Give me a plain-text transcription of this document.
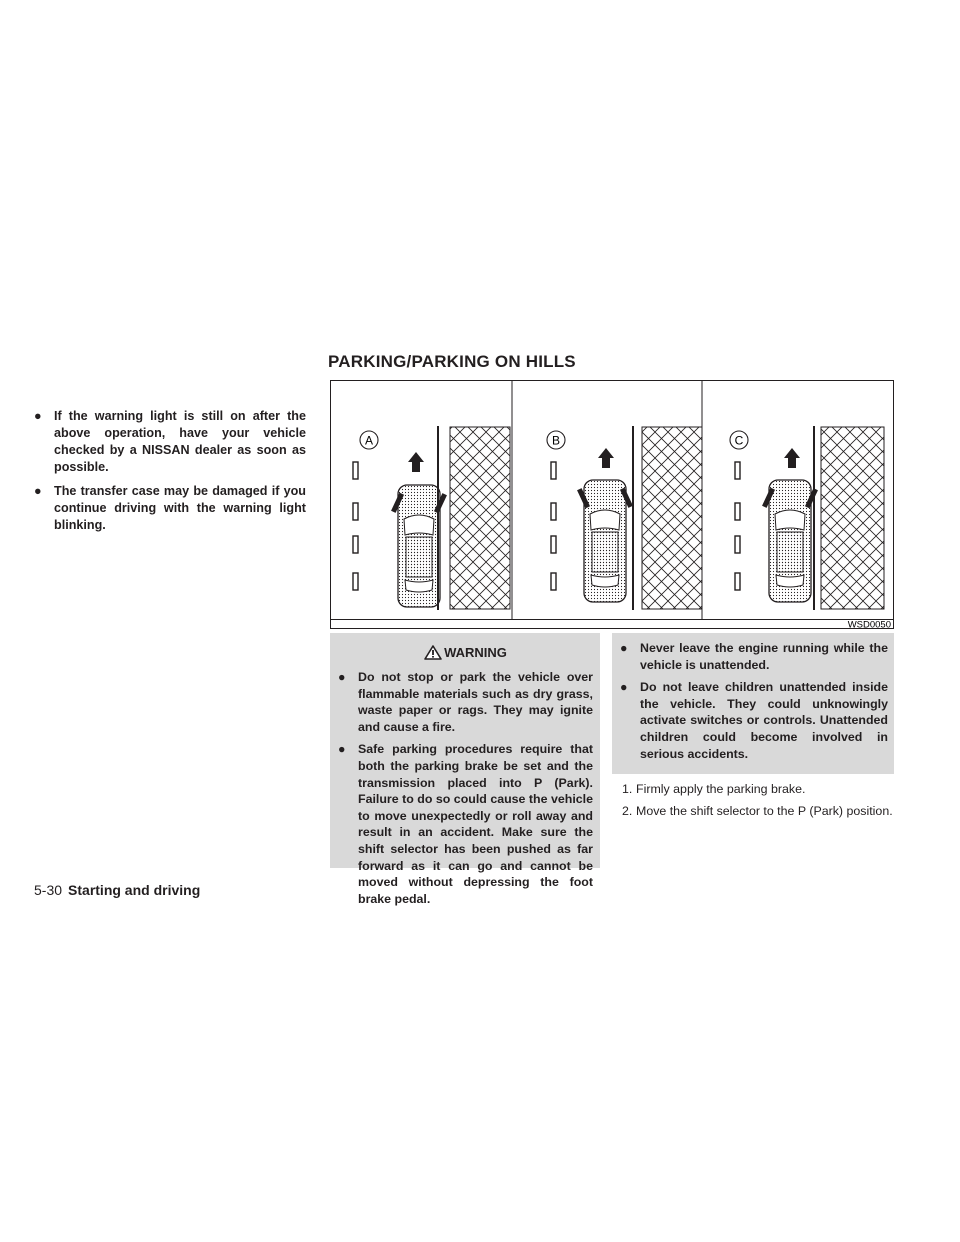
● If the warning light is still on after the above operation, have your vehicle checked by a NISSAN dealer as soon as possible.
● The transfer case may be damaged if you continue driving with the warning light blinking.
PARKING/PARKING ON HILLS
A	B	C
WSD0050
WARNING
● Do not stop or park the vehicle over flammable materials such as dry grass, waste paper or rags. They may ignite and cause a fire.
● Safe parking procedures require that both the parking brake be set and the transmission placed into P (Park). Failure to do so could cause the vehicle to move unexpectedly or roll away and result in an accident. Make sure the shift selector has been pushed as far forward as it can go and cannot be moved without depressing the foot brake pedal.
● Never leave the engine running while the vehicle is unattended.
● Do not leave children unattended inside the vehicle. They could unknowingly activate switches or controls. Unattended children could become involved in serious accidents.
1. Firmly apply the parking brake.
2. Move the shift selector to the P (Park) position.
5-30 Starting and driving
